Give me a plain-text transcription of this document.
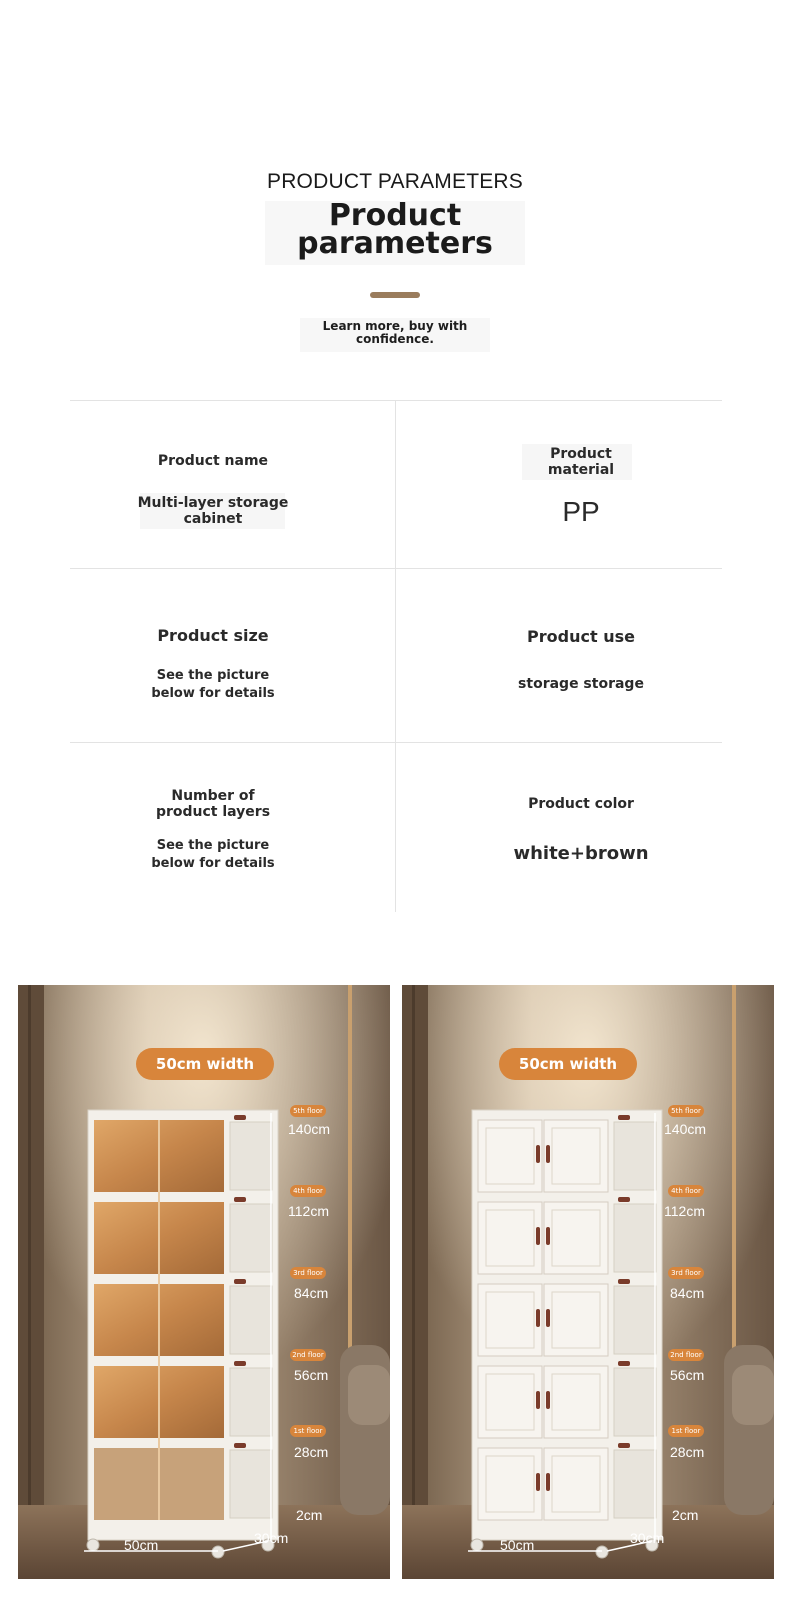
PRODUCT PARAMETERS
Product
parameters
Learn more, buy with
confidence.
Product name
Multi-layer storage
cabinet
Product
material
PP
Product size
See the picture
below for details
Product use
storage storage
Number of
product layers
See the picture
below for details
Product color
white+brown
50cm width
5th floor
140cm
4th floor
112cm
3rd floor
84cm
2nd floor
56cm
1st floor
28cm
2cm
50cm	30cm
50cm width
5th floor
140cm
4th floor
112cm
3rd floor
84cm
2nd floor
56cm
1st floor
28cm
2cm
50cm	30cm
